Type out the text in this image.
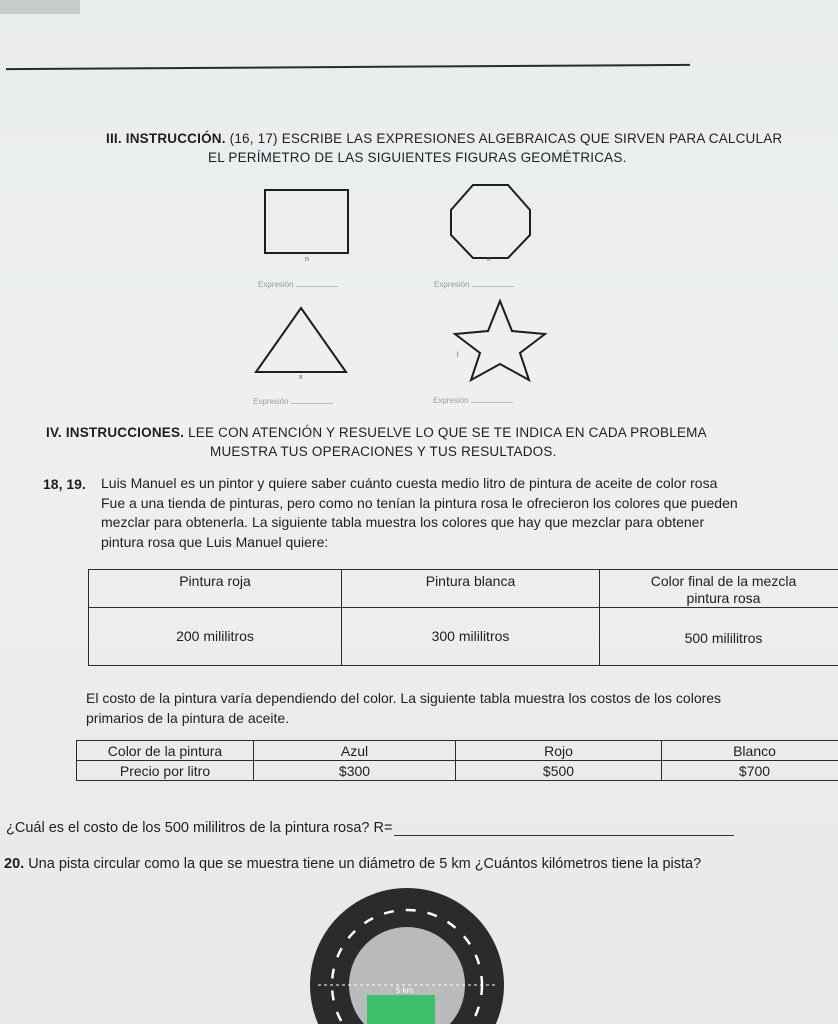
III. INSTRUCCIÓN. (16, 17) ESCRIBE LAS EXPRESIONES ALGEBRAICAS QUE SIRVEN PARA CALCULAR
EL PERÍMETRO DE LAS SIGUIENTES FIGURAS GEOMÉTRICAS.
n	x
x
l
Expresión	Expresión
Expresión	Expresión
IV. INSTRUCCIONES. LEE CON ATENCIÓN Y RESUELVE LO QUE SE TE INDICA EN CADA PROBLEMA
MUESTRA TUS OPERACIONES Y TUS RESULTADOS.
18, 19. Luis Manuel es un pintor y quiere saber cuánto cuesta medio litro de pintura de aceite de color rosa
Fue a una tienda de pinturas, pero como no tenían la pintura rosa le ofrecieron los colores que pueden
mezclar para obtenerla. La siguiente tabla muestra los colores que hay que mezclar para obtener
pintura rosa que Luis Manuel quiere:
Pintura roja	Pintura blanca	Color final de la mezcla
pintura rosa

200 mililitros	300 mililitros	500 mililitros
El costo de la pintura varía dependiendo del color. La siguiente tabla muestra los costos de los colores
primarios de la pintura de aceite.
Color de la pintura	Azul	Rojo	Blanco
Precio por litro	$300	$500	$700
¿Cuál es el costo de los 500 mililitros de la pintura rosa? R=
20. Una pista circular como la que se muestra tiene un diámetro de 5 km ¿Cuántos kilómetros tiene la pista?
5 km
